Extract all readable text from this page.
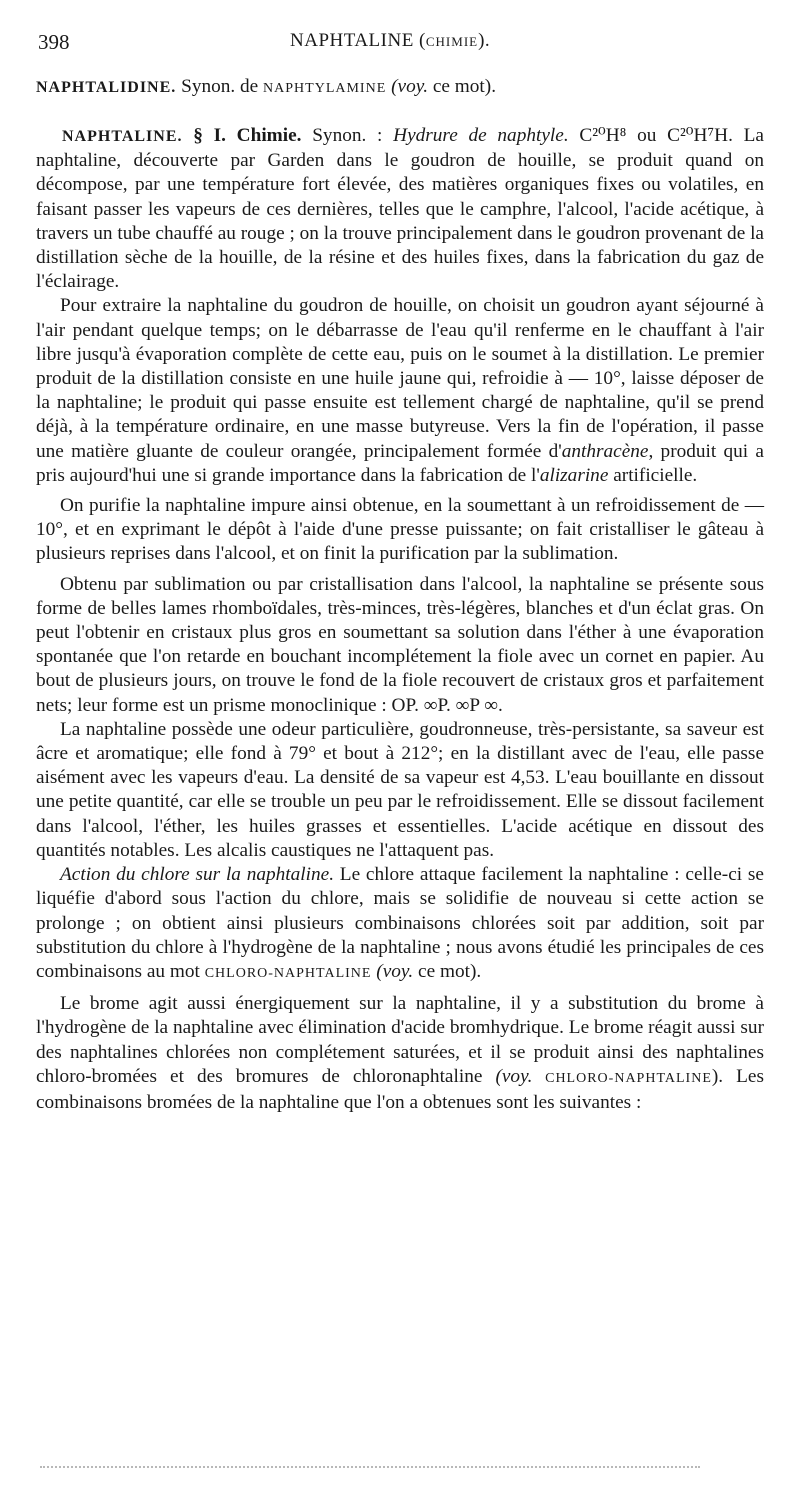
398	NAPHTALINE (CHIMIE).
NAPHTALIDINE. Synon. de NAPHTYLAMINE (voy. ce mot).

NAPHTALINE. § I. Chimie. Synon. : Hydrure de naphtyle. C²⁰H⁸ ou C²⁰H⁷H. La naphtaline, découverte par Garden dans le goudron de houille, se produit quand on décompose, par une température fort élevée, des matières organiques fixes ou volatiles, en faisant passer les vapeurs de ces dernières, telles que le camphre, l'alcool, l'acide acétique, à travers un tube chauffé au rouge ; on la trouve principalement dans le goudron provenant de la distillation sèche de la houille, de la résine et des huiles fixes, dans la fabrication du gaz de l'éclairage.

Pour extraire la naphtaline du goudron de houille, on choisit un goudron ayant séjourné à l'air pendant quelque temps; on le débarrasse de l'eau qu'il renferme en le chauffant à l'air libre jusqu'à évaporation complète de cette eau, puis on le soumet à la distillation. Le premier produit de la distillation consiste en une huile jaune qui, refroidie à — 10°, laisse déposer de la naphtaline; le produit qui passe ensuite est tellement chargé de naphtaline, qu'il se prend déjà, à la température ordinaire, en une masse butyreuse. Vers la fin de l'opération, il passe une matière gluante de couleur orangée, principalement formée d'anthracène, produit qui a pris aujourd'hui une si grande importance dans la fabrication de l'alizarine artificielle.

On purifie la naphtaline impure ainsi obtenue, en la soumettant à un refroidissement de — 10°, et en exprimant le dépôt à l'aide d'une presse puissante; on fait cristalliser le gâteau à plusieurs reprises dans l'alcool, et on finit la purification par la sublimation.

Obtenu par sublimation ou par cristallisation dans l'alcool, la naphtaline se présente sous forme de belles lames rhomboïdales, très-minces, très-légères, blanches et d'un éclat gras. On peut l'obtenir en cristaux plus gros en soumettant sa solution dans l'éther à une évaporation spontanée que l'on retarde en bouchant incomplétement la fiole avec un cornet en papier. Au bout de plusieurs jours, on trouve le fond de la fiole recouvert de cristaux gros et parfaitement nets; leur forme est un prisme monoclinique : OP. ∞P. ∞P ∞.

La naphtaline possède une odeur particulière, goudronneuse, très-persistante, sa saveur est âcre et aromatique; elle fond à 79° et bout à 212°; en la distillant avec de l'eau, elle passe aisément avec les vapeurs d'eau. La densité de sa vapeur est 4,53. L'eau bouillante en dissout une petite quantité, car elle se trouble un peu par le refroidissement. Elle se dissout facilement dans l'alcool, l'éther, les huiles grasses et essentielles. L'acide acétique en dissout des quantités notables. Les alcalis caustiques ne l'attaquent pas.

Action du chlore sur la naphtaline. Le chlore attaque facilement la naphtaline : celle-ci se liquéfie d'abord sous l'action du chlore, mais se solidifie de nouveau si cette action se prolonge ; on obtient ainsi plusieurs combinaisons chlorées soit par addition, soit par substitution du chlore à l'hydrogène de la naphtaline ; nous avons étudié les principales de ces combinaisons au mot CHLORO-NAPHTALINE (voy. ce mot).

Le brome agit aussi énergiquement sur la naphtaline, il y a substitution du brome à l'hydrogène de la naphtaline avec élimination d'acide bromhydrique. Le brome réagit aussi sur des naphtalines chlorées non complétement saturées, et il se produit ainsi des naphtalines chloro-bromées et des bromures de chloronaphtaline (voy. CHLORO-NAPHTALINE). Les combinaisons bromées de la naphtaline que l'on a obtenues sont les suivantes :
